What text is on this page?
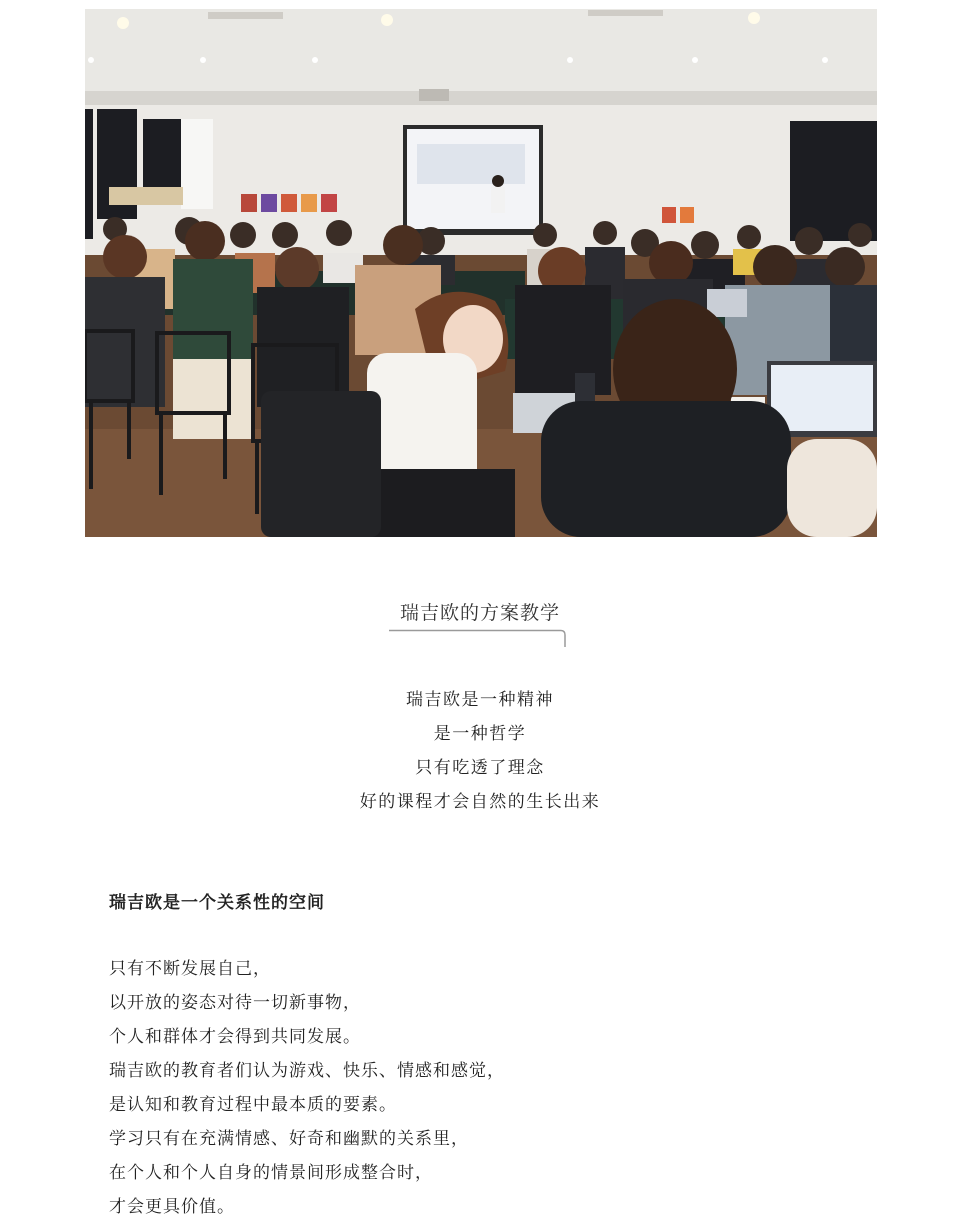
瑞吉欧的方案教学
瑞吉欧是一种精神
是一种哲学
只有吃透了理念
好的课程才会自然的生长出来
瑞吉欧是一个关系性的空间
只有不断发展自己，
以开放的姿态对待一切新事物，
个人和群体才会得到共同发展。
瑞吉欧的教育者们认为游戏、快乐、情感和感觉，
是认知和教育过程中最本质的要素。
学习只有在充满情感、好奇和幽默的关系里，
在个人和个人自身的情景间形成整合时，
才会更具价值。
